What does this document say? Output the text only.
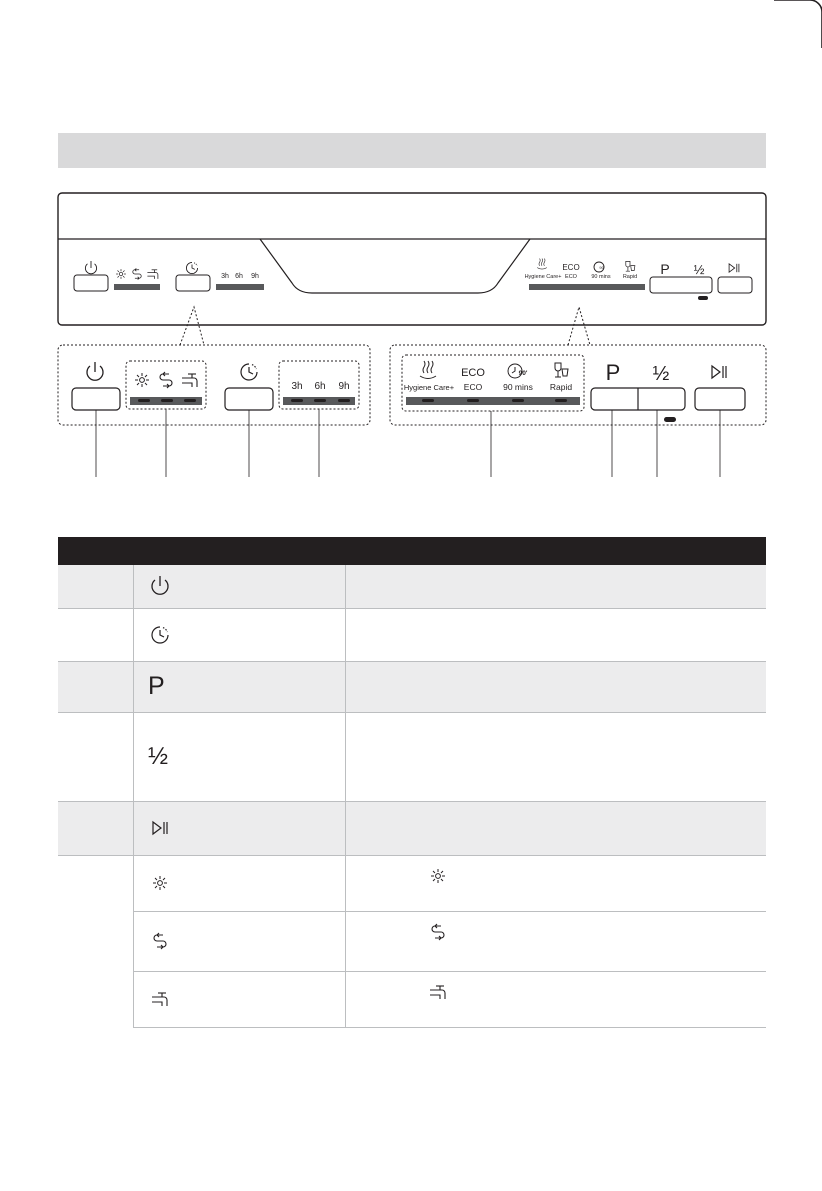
3h 6h 9h	Hygiene Care+
ECO
ECO
90'
90 mins Rapid P ½
3h 6h 9h	Hygiene Care+
ECO
ECO
90'
90 mins Rapid
P ½

	P	
	½	
